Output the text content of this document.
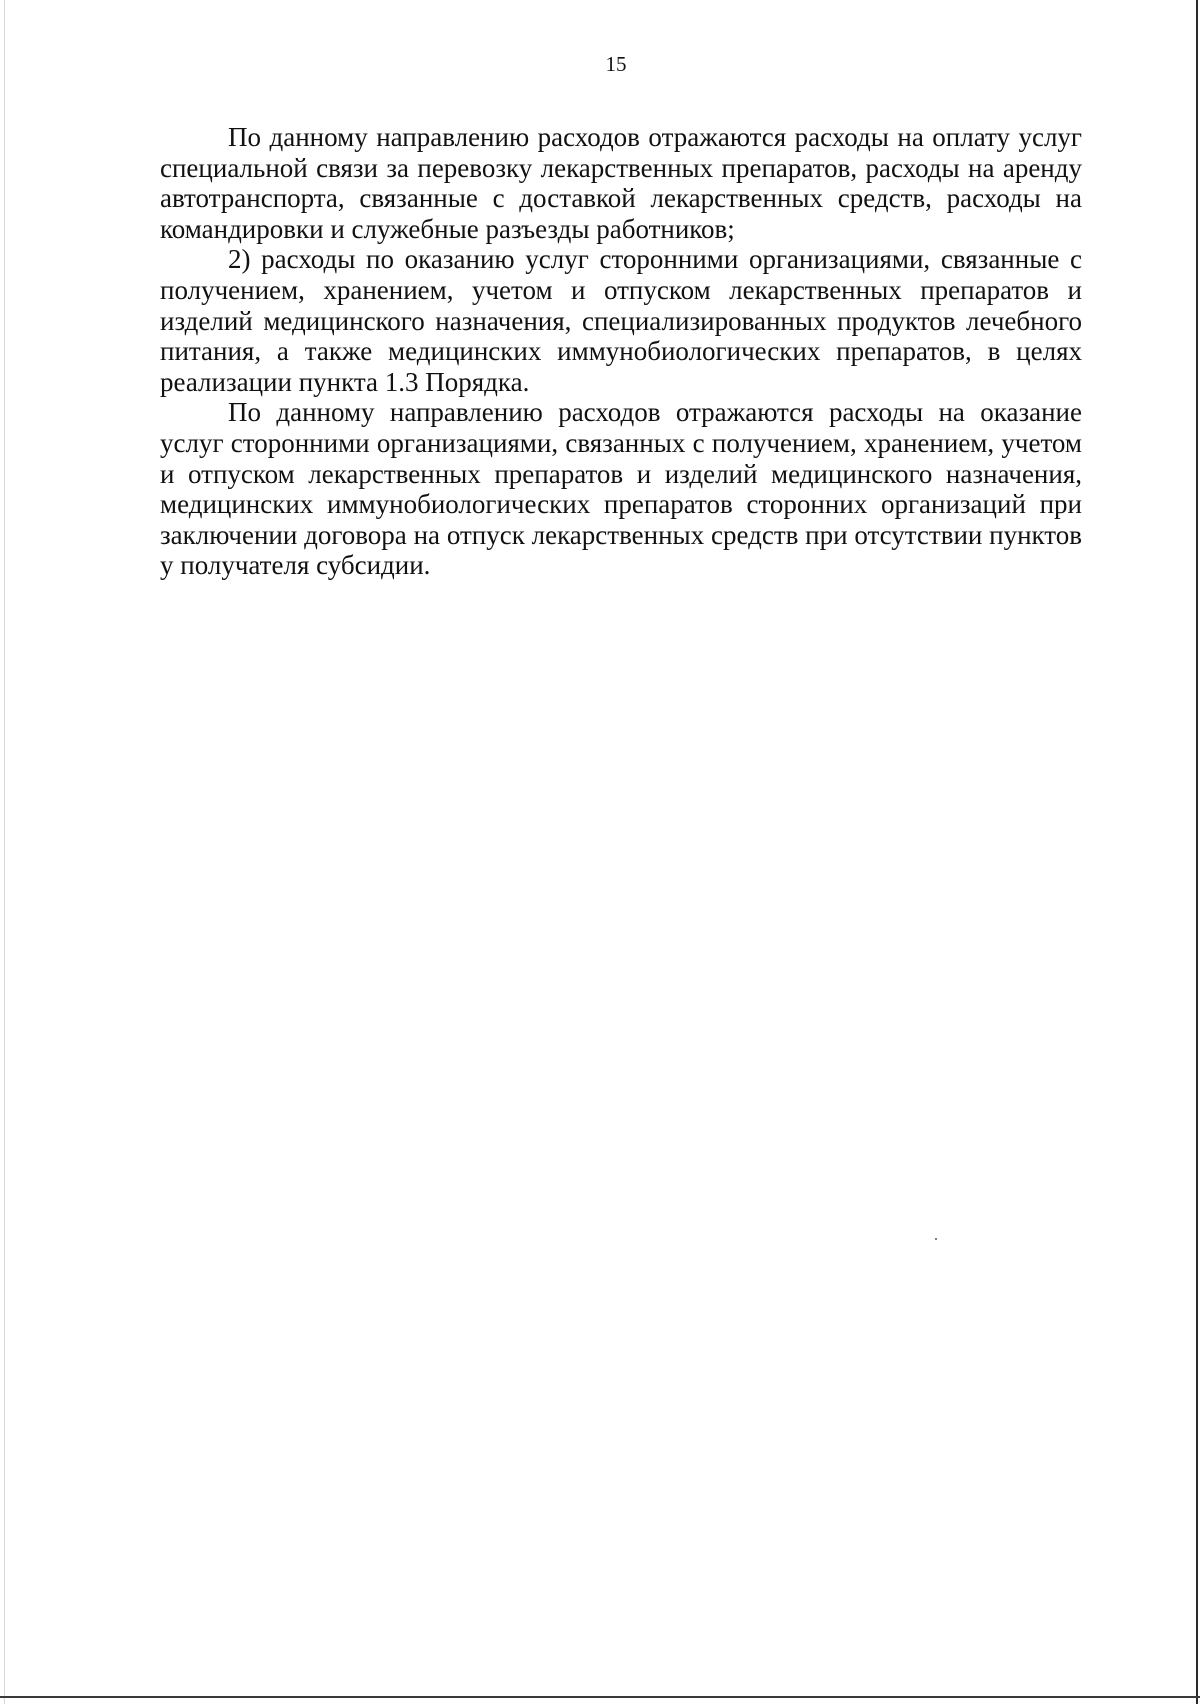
15

По данному направлению расходов отражаются расходы на оплату услуг специальной связи за перевозку лекарственных препаратов, расходы на аренду автотранспорта, связанные с доставкой лекарственных средств, расходы на командировки и служебные разъезды работников;

2) расходы по оказанию услуг сторонними организациями, связанные с получением, хранением, учетом и отпуском лекарственных препаратов и изделий медицинского назначения, специализированных продуктов лечебного питания, а также медицинских иммунобиологических препаратов, в целях реализации пункта 1.3 Порядка.

По данному направлению расходов отражаются расходы на оказание услуг сторонними организациями, связанных с получением, хранением, учетом и отпуском лекарственных препаратов и изделий медицинского назначения, медицинских иммунобиологических препаратов сторонних организаций при заключении договора на отпуск лекарственных средств при отсутствии пунктов у получателя субсидии.
